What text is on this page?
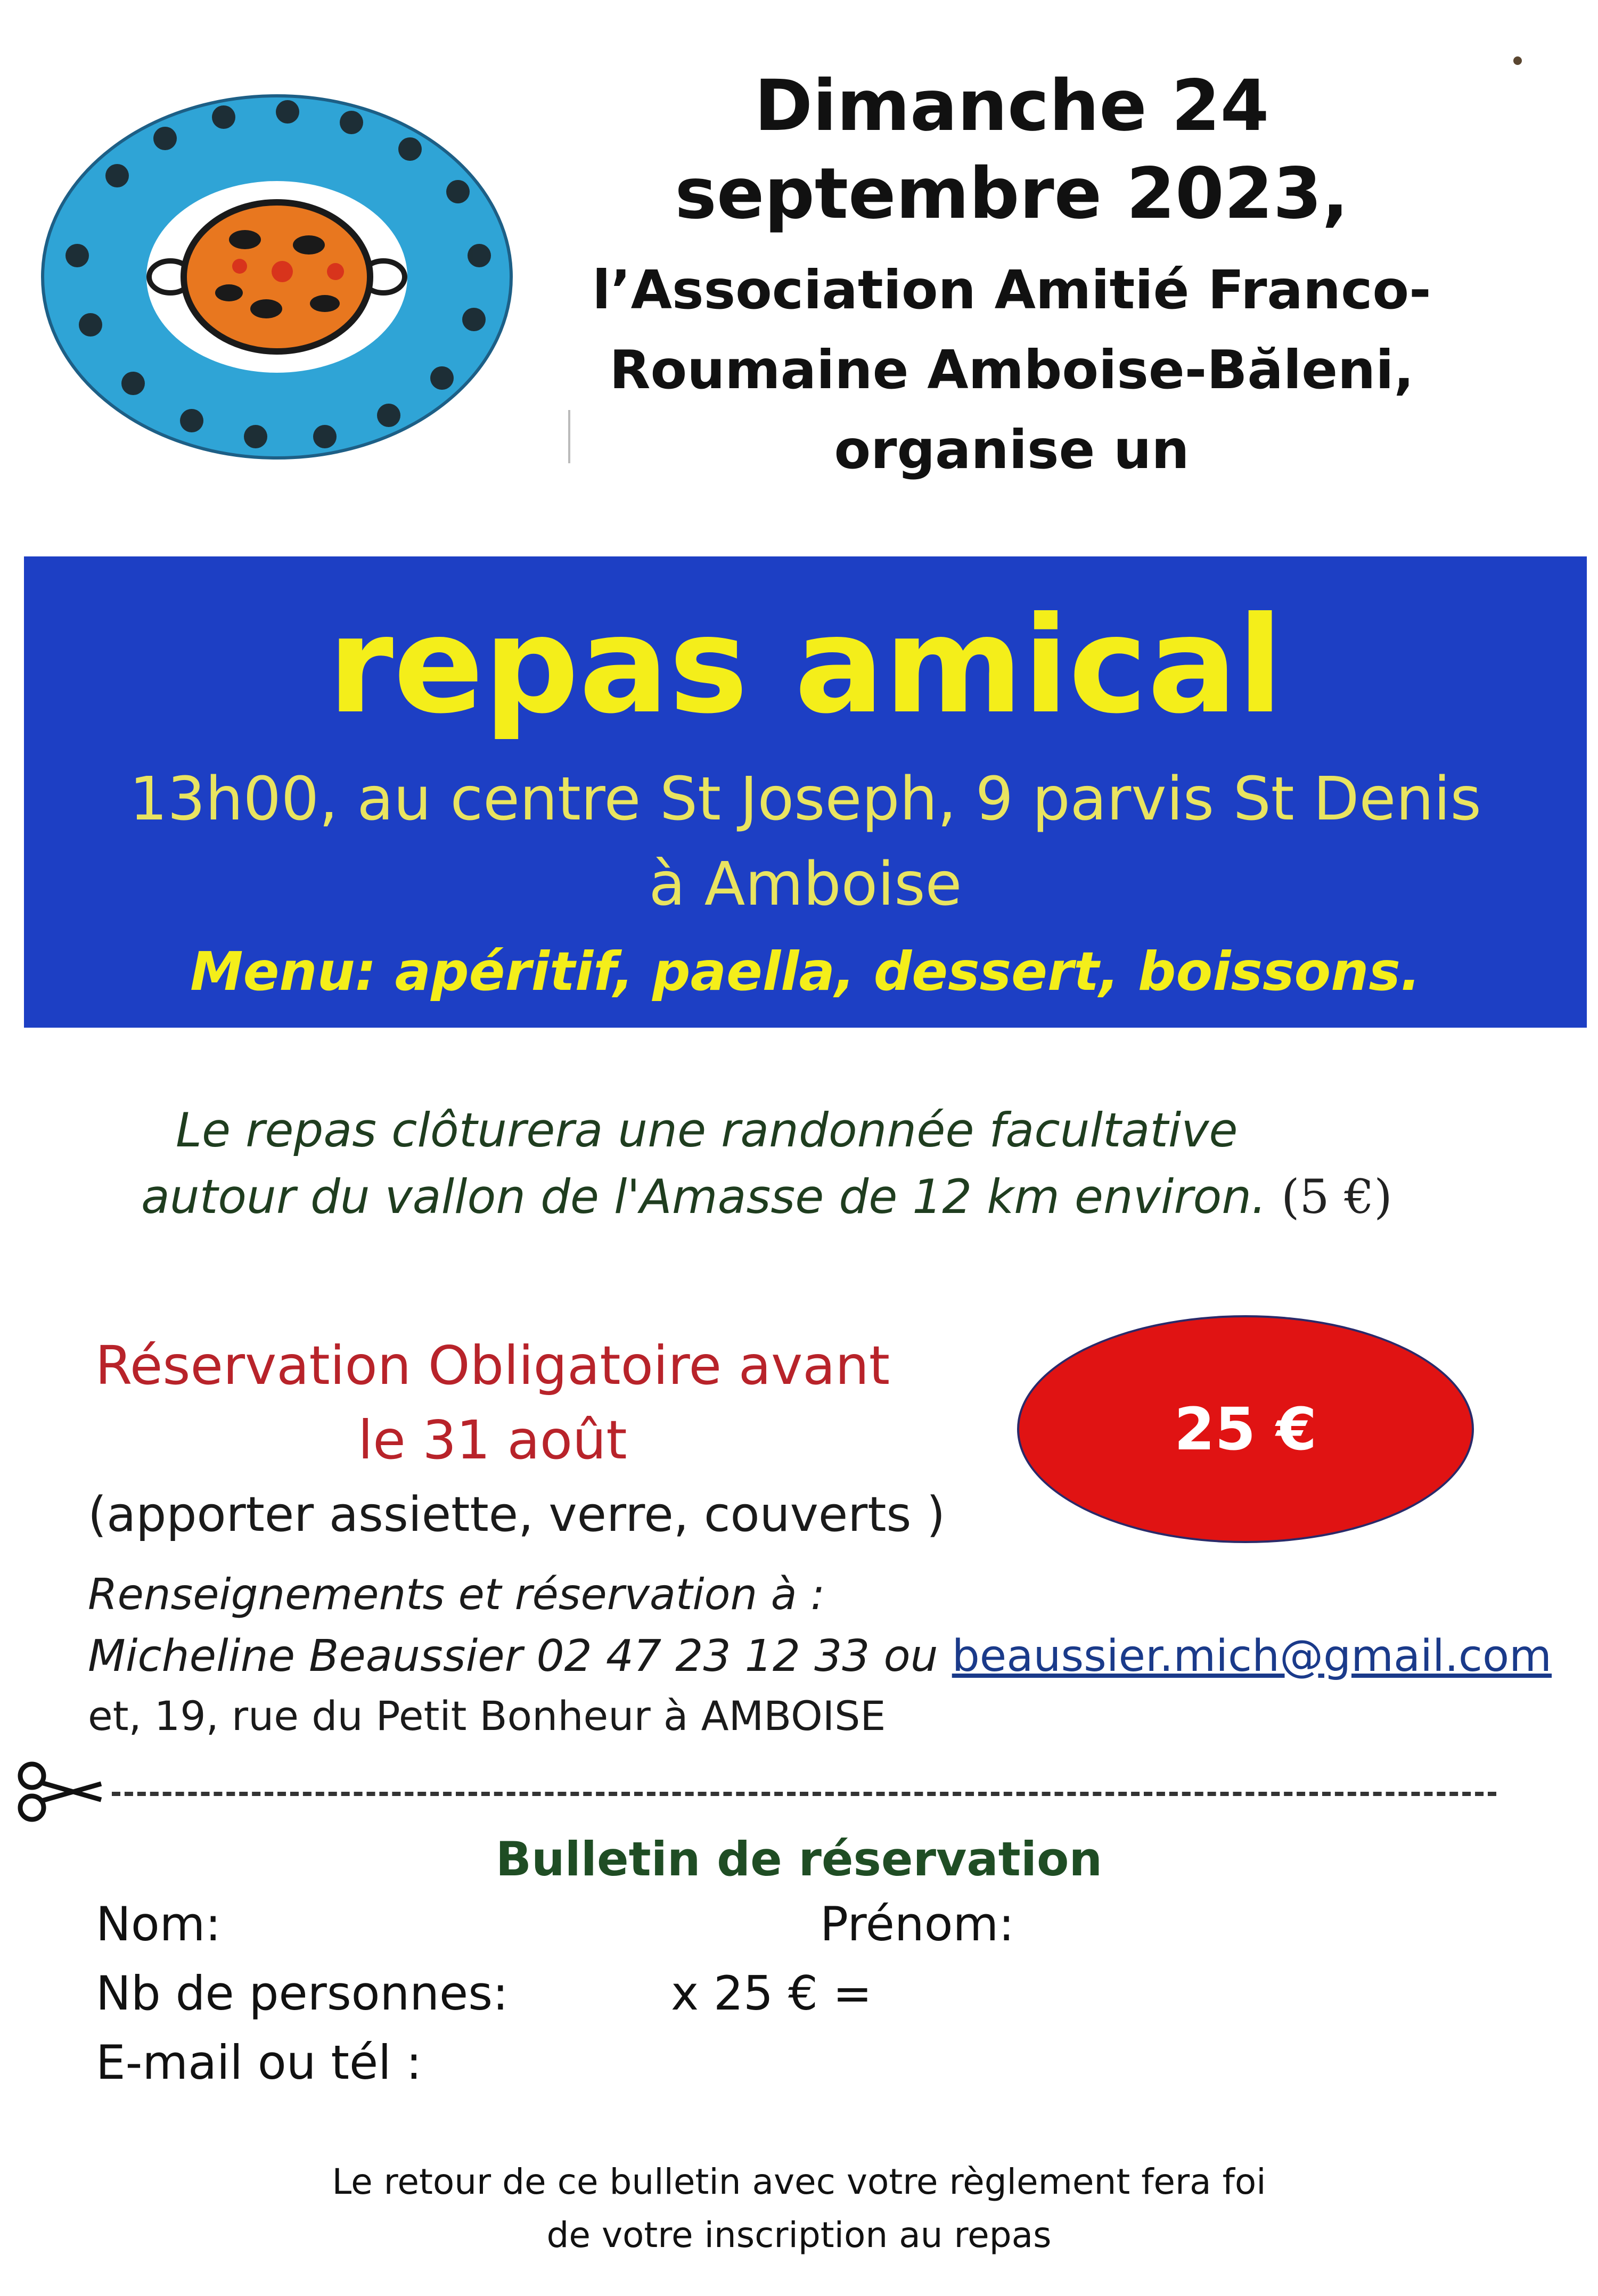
Dimanche 24
septembre 2023,
l’Association Amitié Franco-
Roumaine Amboise-Băleni,
organise un
repas amical
13h00, au centre St Joseph, 9 parvis St Denis
à Amboise
Menu: apéritif, paella, dessert, boissons.
Le repas clôturera une randonnée facultative
autour du vallon de l'Amasse de 12 km environ. (5 €)
Réservation Obligatoire avant
le 31 août
(apporter assiette, verre, couverts )
25 €
Renseignements et réservation à :
Micheline Beaussier 02 47 23 12 33 ou beaussier.mich@gmail.com
et, 19, rue du Petit Bonheur à AMBOISE
Bulletin de réservation
Nom:	Prénom:
Nb de personnes:	x 25 € =
E-mail ou tél :
Le retour de ce bulletin avec votre règlement fera foi
de votre inscription au repas
